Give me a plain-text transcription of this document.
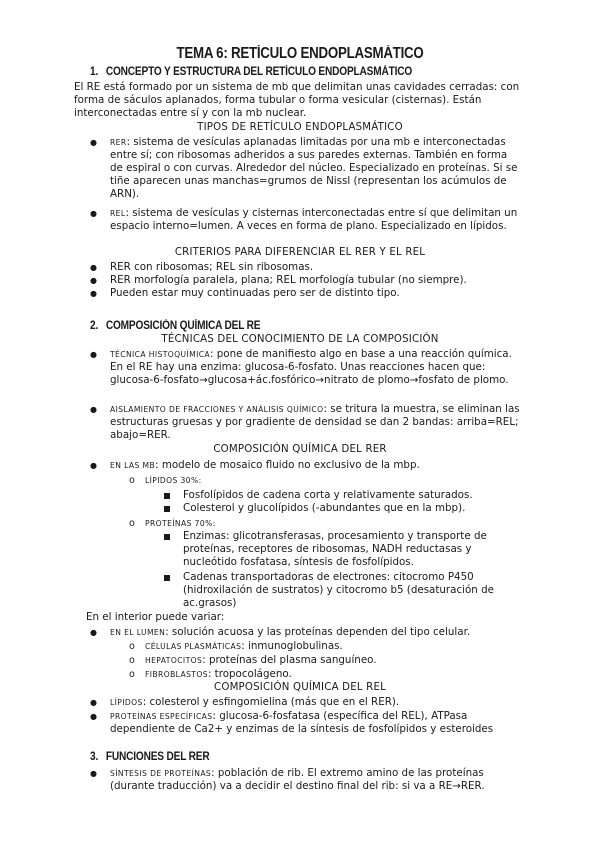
TEMA 6: RETÍCULO ENDOPLASMÁTICO
1. CONCEPTO Y ESTRUCTURA DEL RETÍCULO ENDOPLASMÁTICO
El RE está formado por un sistema de mb que delimitan unas cavidades cerradas: con forma de sáculos aplanados, forma tubular o forma vesicular (cisternas). Están interconectadas entre sí y con la mb nuclear.
TIPOS DE RETÍCULO ENDOPLASMÁTICO
● RER: sistema de vesículas aplanadas limitadas por una mb e interconectadas entre sí; con ribosomas adheridos a sus paredes externas. También en forma de espiral o con curvas. Alrededor del núcleo. Especializado en proteínas. Si se tiñe aparecen unas manchas=grumos de Nissl (representan los acúmulos de ARN).
● REL: sistema de vesículas y cisternas interconectadas entre sí que delimitan un espacio interno=lumen. A veces en forma de plano. Especializado en lípidos.
CRITERIOS PARA DIFERENCIAR EL RER Y EL REL
● RER con ribosomas; REL sin ribosomas.
● RER morfología paralela, plana; REL morfología tubular (no siempre).
● Pueden estar muy continuadas pero ser de distinto tipo.
2. COMPOSICIÓN QUÍMICA DEL RE
TÉCNICAS DEL CONOCIMIENTO DE LA COMPOSICIÓN
● TÉCNICA HISTOQUÍMICA: pone de manifiesto algo en base a una reacción química. En el RE hay una enzima: glucosa-6-fosfato. Unas reacciones hacen que: glucosa-6-fosfato→glucosa+ác.fosfórico→nitrato de plomo→fosfato de plomo.
● AISLAMIENTO DE FRACCIONES Y ANÁLISIS QUÍMICO: se tritura la muestra, se eliminan las estructuras gruesas y por gradiente de densidad se dan 2 bandas: arriba=REL; abajo=RER.
COMPOSICIÓN QUÍMICA DEL RER
● EN LAS MB: modelo de mosaico fluido no exclusivo de la mbp.
o LÍPIDOS 30%:
Fosfolípidos de cadena corta y relativamente saturados.
Colesterol y glucolípidos (-abundantes que en la mbp).
o PROTEÍNAS 70%:
Enzimas: glicotransferasas, procesamiento y transporte de proteínas, receptores de ribosomas, NADH reductasas y nucleótido fosfatasa, síntesis de fosfolípidos.
Cadenas transportadoras de electrones: citocromo P450 (hidroxilación de sustratos) y citocromo b5 (desaturación de ac.grasos)
En el interior puede variar:
● EN EL LUMEN: solución acuosa y las proteínas dependen del tipo celular.
o CÉLULAS PLASMÁTICAS: inmunoglobulinas.
o HEPATOCITOS: proteínas del plasma sanguíneo.
o FIBROBLASTOS: tropocolágeno.
COMPOSICIÓN QUÍMICA DEL REL
● LÍPIDOS: colesterol y esfingomielina (más que en el RER).
● PROTEÍNAS ESPECÍFICAS: glucosa-6-fosfatasa (específica del REL), ATPasa dependiente de Ca2+ y enzimas de la síntesis de fosfolípidos y esteroides
3. FUNCIONES DEL RER
● SÍNTESIS DE PROTEÍNAS: población de rib. El extremo amino de las proteínas (durante traducción) va a decidir el destino final del rib: si va a RE→RER.
